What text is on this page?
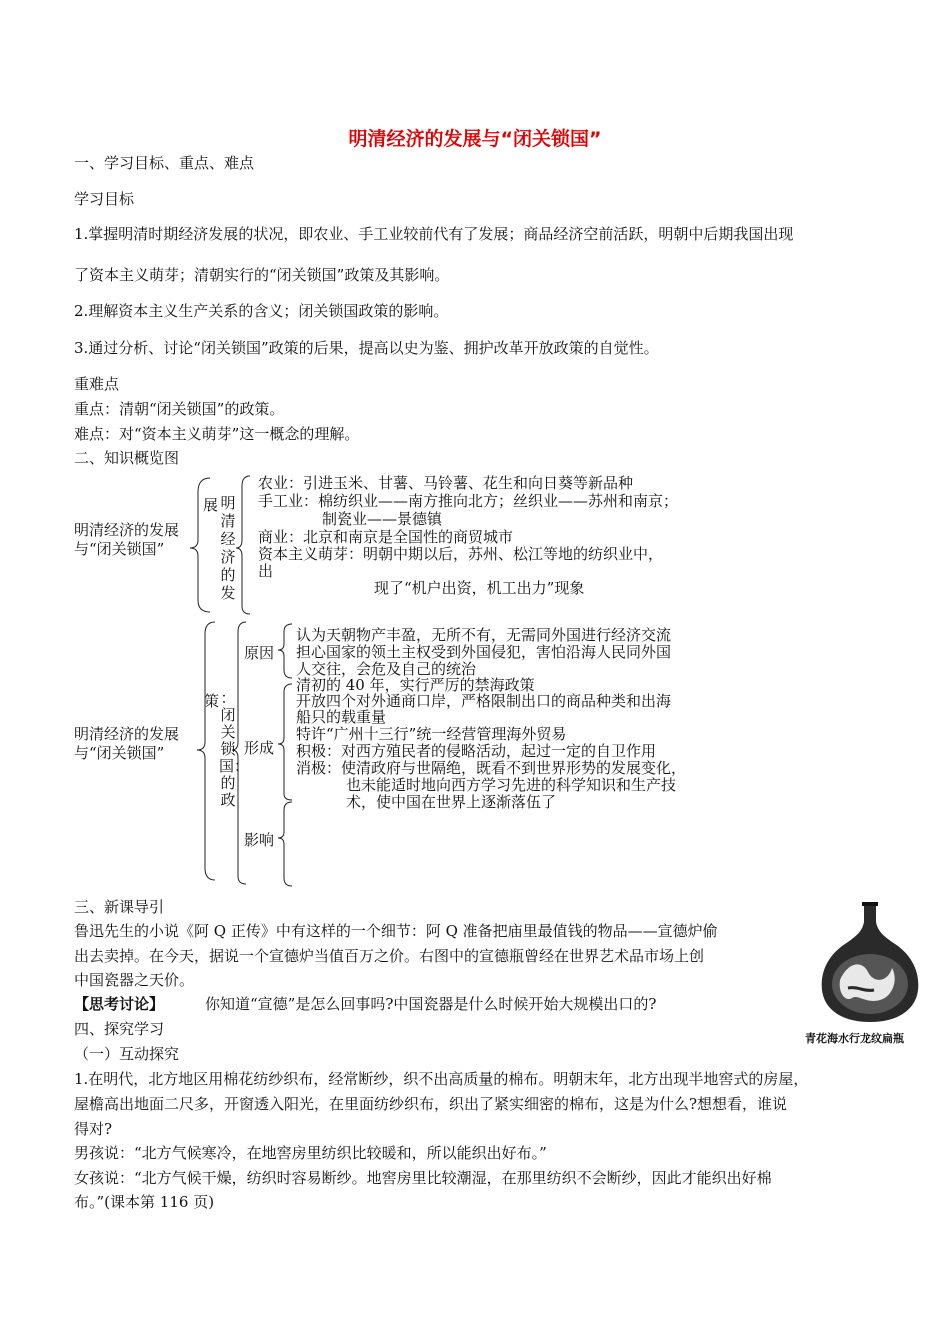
明清经济的发展与“闭关锁国”
一、学习目标、重点、难点
学习目标
1.掌握明清时期经济发展的状况，即农业、手工业较前代有了发展；商品经济空前活跃，明朝中后期我国出现
了资本主义萌芽；清朝实行的“闭关锁国”政策及其影响。
2.理解资本主义生产关系的含义；闭关锁国政策的影响。
3.通过分析、讨论“闭关锁国”政策的后果，提高以史为鉴、拥护改革开放政策的自觉性。
重难点
重点：清朝“闭关锁国”的政策。
难点：对“资本主义萌芽”这一概念的理解。
二、知识概览图
明清经济的发展
与“闭关锁国”
展 明清经济的发
农业：引进玉米、甘薯、马铃薯、花生和向日葵等新品种
手工业：棉纺织业——南方推向北方；丝织业——苏州和南京；
制瓷业——景德镇
商业：北京和南京是全国性的商贸城市
资本主义萌芽：明朝中期以后，苏州、松江等地的纺织业中，
出
现了“机户出资，机工出力”现象
明清经济的发展
与“闭关锁国”
策 ：闭关锁国：的政
原因
认为天朝物产丰盈，无所不有，无需同外国进行经济交流
担心国家的领土主权受到外国侵犯，害怕沿海人民同外国
人交往，会危及自己的统治
清初的 40 年，实行严厉的禁海政策
开放四个对外通商口岸，严格限制出口的商品种类和出海
船只的载重量
形成
特许“广州十三行”统一经营管理海外贸易
积极：对西方殖民者的侵略活动，起过一定的自卫作用
消极：使清政府与世隔绝，既看不到世界形势的发展变化，
也未能适时地向西方学习先进的科学知识和生产技
术，使中国在世界上逐渐落伍了
影响
三、新课导引
鲁迅先生的小说《阿 Q 正传》中有这样的一个细节：阿 Q 准备把庙里最值钱的物品——宣德炉偷
出去卖掉。在今天，据说一个宣德炉当值百万之价。右图中的宣德瓶曾经在世界艺术品市场上创
中国瓷器之天价。
【思考讨论】	你知道“宣德”是怎么回事吗?中国瓷器是什么时候开始大规模出口的?
青花海水行龙纹扁瓶
四、探究学习
（一）互动探究
1.在明代，北方地区用棉花纺纱织布，经常断纱，织不出高质量的棉布。明朝末年，北方出现半地窖式的房屋，
屋檐高出地面二尺多，开窗透入阳光，在里面纺纱织布，织出了紧实细密的棉布，这是为什么?想想看，谁说
得对?
男孩说：“北方气候寒冷，在地窖房里纺织比较暖和，所以能织出好布。”
女孩说：“北方气候干燥，纺织时容易断纱。地窖房里比较潮湿，在那里纺织不会断纱，因此才能织出好棉
布。”(课本第 116 页)
